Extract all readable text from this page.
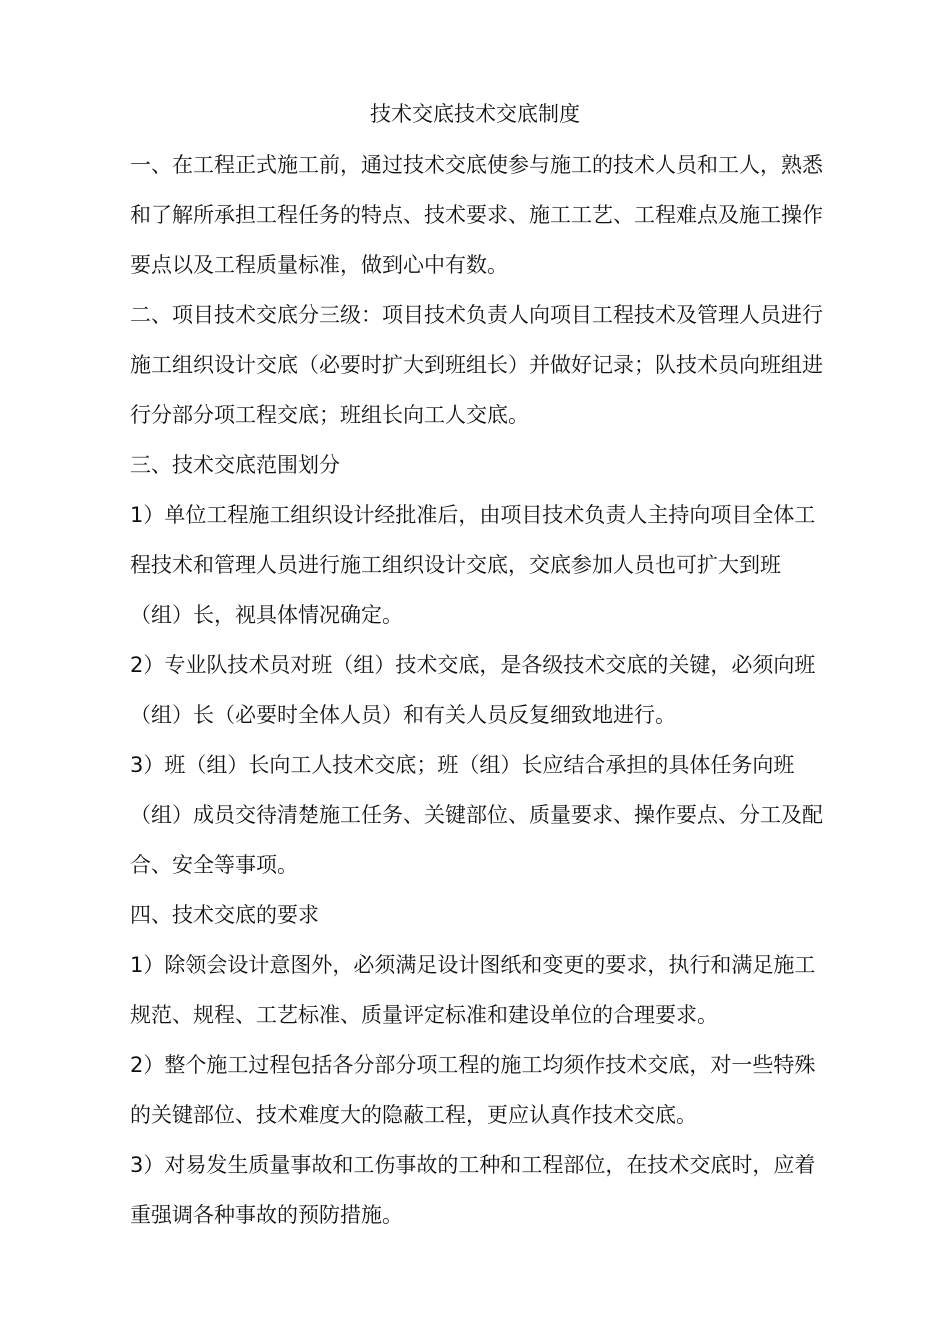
技术交底技术交底制度
一、在工程正式施工前，通过技术交底使参与施工的技术人员和工人，熟悉
和了解所承担工程任务的特点、技术要求、施工工艺、工程难点及施工操作
要点以及工程质量标准，做到心中有数。
二、项目技术交底分三级：项目技术负责人向项目工程技术及管理人员进行
施工组织设计交底（必要时扩大到班组长）并做好记录；队技术员向班组进
行分部分项工程交底；班组长向工人交底。
三、技术交底范围划分
1）单位工程施工组织设计经批准后，由项目技术负责人主持向项目全体工
程技术和管理人员进行施工组织设计交底，交底参加人员也可扩大到班
（组）长，视具体情况确定。
2）专业队技术员对班（组）技术交底，是各级技术交底的关键，必须向班
（组）长（必要时全体人员）和有关人员反复细致地进行。
3）班（组）长向工人技术交底；班（组）长应结合承担的具体任务向班
（组）成员交待清楚施工任务、关键部位、质量要求、操作要点、分工及配
合、安全等事项。
四、技术交底的要求
1）除领会设计意图外，必须满足设计图纸和变更的要求，执行和满足施工
规范、规程、工艺标准、质量评定标准和建设单位的合理要求。
2）整个施工过程包括各分部分项工程的施工均须作技术交底，对一些特殊
的关键部位、技术难度大的隐蔽工程，更应认真作技术交底。
3）对易发生质量事故和工伤事故的工种和工程部位，在技术交底时，应着
重强调各种事故的预防措施。
